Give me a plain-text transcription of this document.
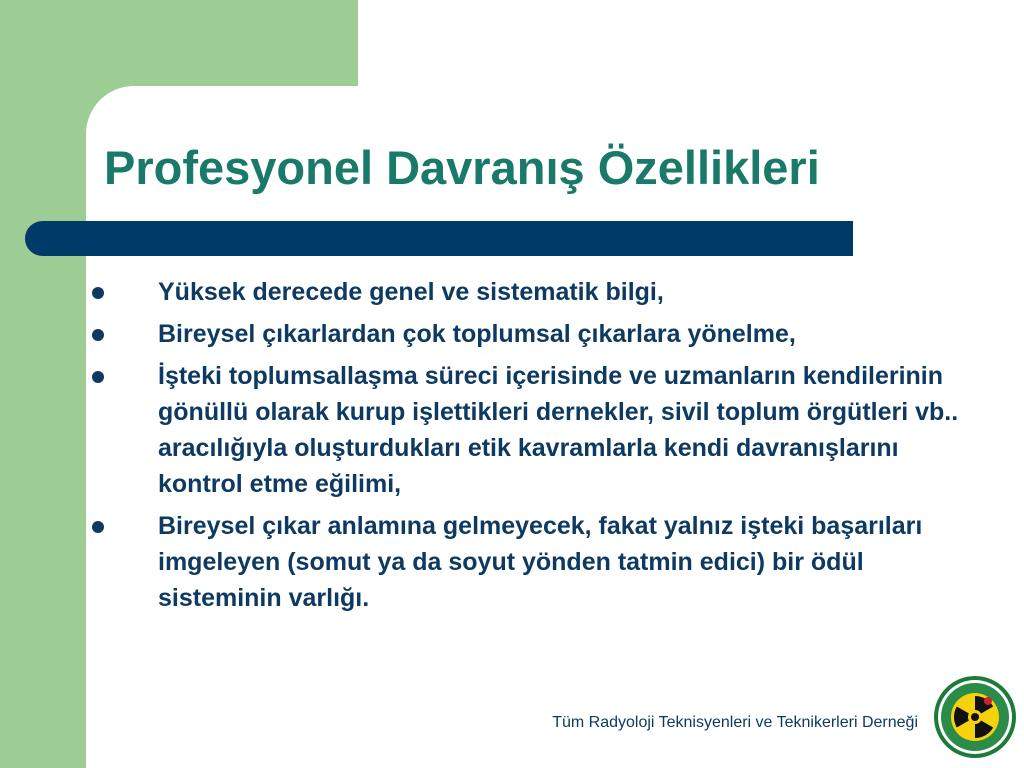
Profesyonel Davranış Özellikleri
Yüksek derecede genel ve sistematik bilgi,
Bireysel çıkarlardan çok toplumsal çıkarlara yönelme,
İşteki toplumsallaşma süreci içerisinde ve uzmanların kendilerinin gönüllü olarak kurup işlettikleri dernekler, sivil toplum örgütleri vb.. aracılığıyla oluşturdukları etik kavramlarla kendi davranışlarını kontrol etme eğilimi,
Bireysel çıkar anlamına gelmeyecek, fakat yalnız işteki başarıları imgeleyen (somut ya da soyut yönden tatmin edici) bir ödül sisteminin varlığı.
Tüm Radyoloji Teknisyenleri ve Teknikerleri Derneği
